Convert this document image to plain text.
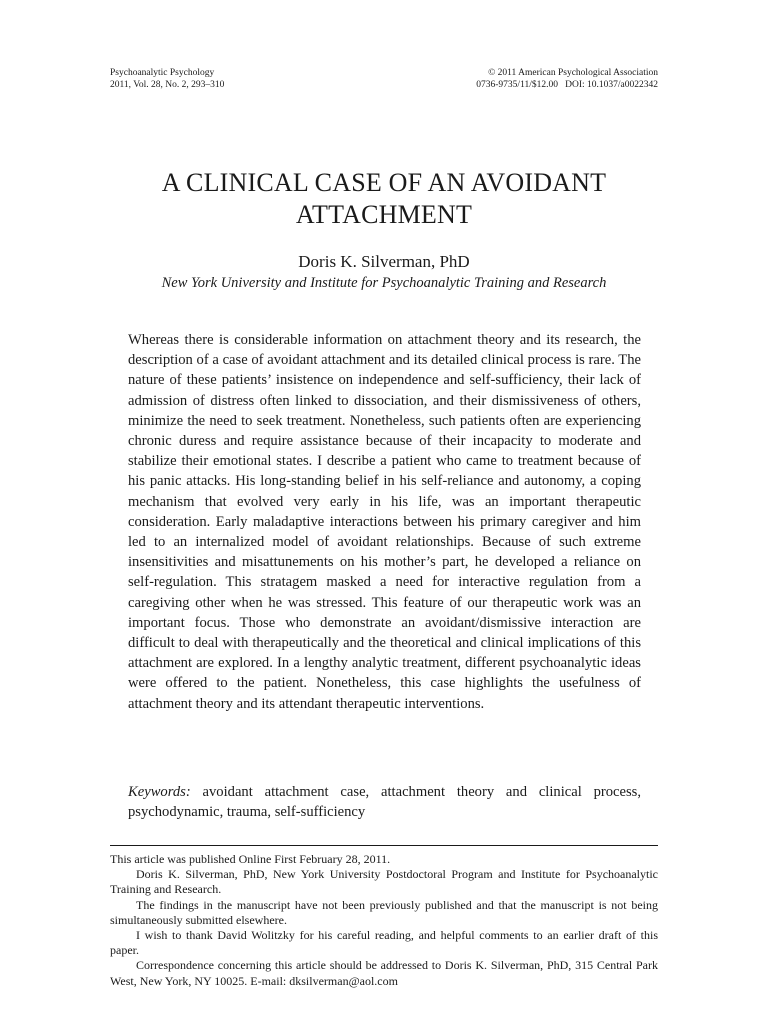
Psychoanalytic Psychology
2011, Vol. 28, No. 2, 293–310
© 2011 American Psychological Association
0736-9735/11/$12.00   DOI: 10.1037/a0022342
A CLINICAL CASE OF AN AVOIDANT
ATTACHMENT
Doris K. Silverman, PhD
New York University and Institute for Psychoanalytic Training and Research

Whereas there is considerable information on attachment theory and its research, the description of a case of avoidant attachment and its detailed clinical process is rare. The nature of these patients’ insistence on independence and self-sufficiency, their lack of admission of distress often linked to dissociation, and their dismissiveness of others, minimize the need to seek treatment. Nonetheless, such patients often are experiencing chronic duress and require assistance because of their incapacity to moderate and stabilize their emotional states. I describe a patient who came to treatment because of his panic attacks. His long-standing belief in his self-reliance and autonomy, a coping mechanism that evolved very early in his life, was an important therapeutic consideration. Early maladaptive interactions between his primary caregiver and him led to an internalized model of avoidant relationships. Because of such extreme insensitivities and misattunements on his mother’s part, he developed a reliance on self-regulation. This stratagem masked a need for interactive regulation from a caregiving other when he was stressed. This feature of our therapeutic work was an important focus. Those who demonstrate an avoidant/dismissive interaction are difficult to deal with therapeutically and the theoretical and clinical implications of this attachment are explored. In a lengthy analytic treatment, different psychoanalytic ideas were offered to the patient. Nonetheless, this case highlights the usefulness of attachment theory and its attendant therapeutic interventions.

Keywords: avoidant attachment case, attachment theory and clinical process, psychodynamic, trauma, self-sufficiency

This article was published Online First February 28, 2011.

Doris K. Silverman, PhD, New York University Postdoctoral Program and Institute for Psychoanalytic Training and Research.

The findings in the manuscript have not been previously published and that the manuscript is not being simultaneously submitted elsewhere.

I wish to thank David Wolitzky for his careful reading, and helpful comments to an earlier draft of this paper.

Correspondence concerning this article should be addressed to Doris K. Silverman, PhD, 315 Central Park West, New York, NY 10025. E-mail: dksilverman@aol.com
